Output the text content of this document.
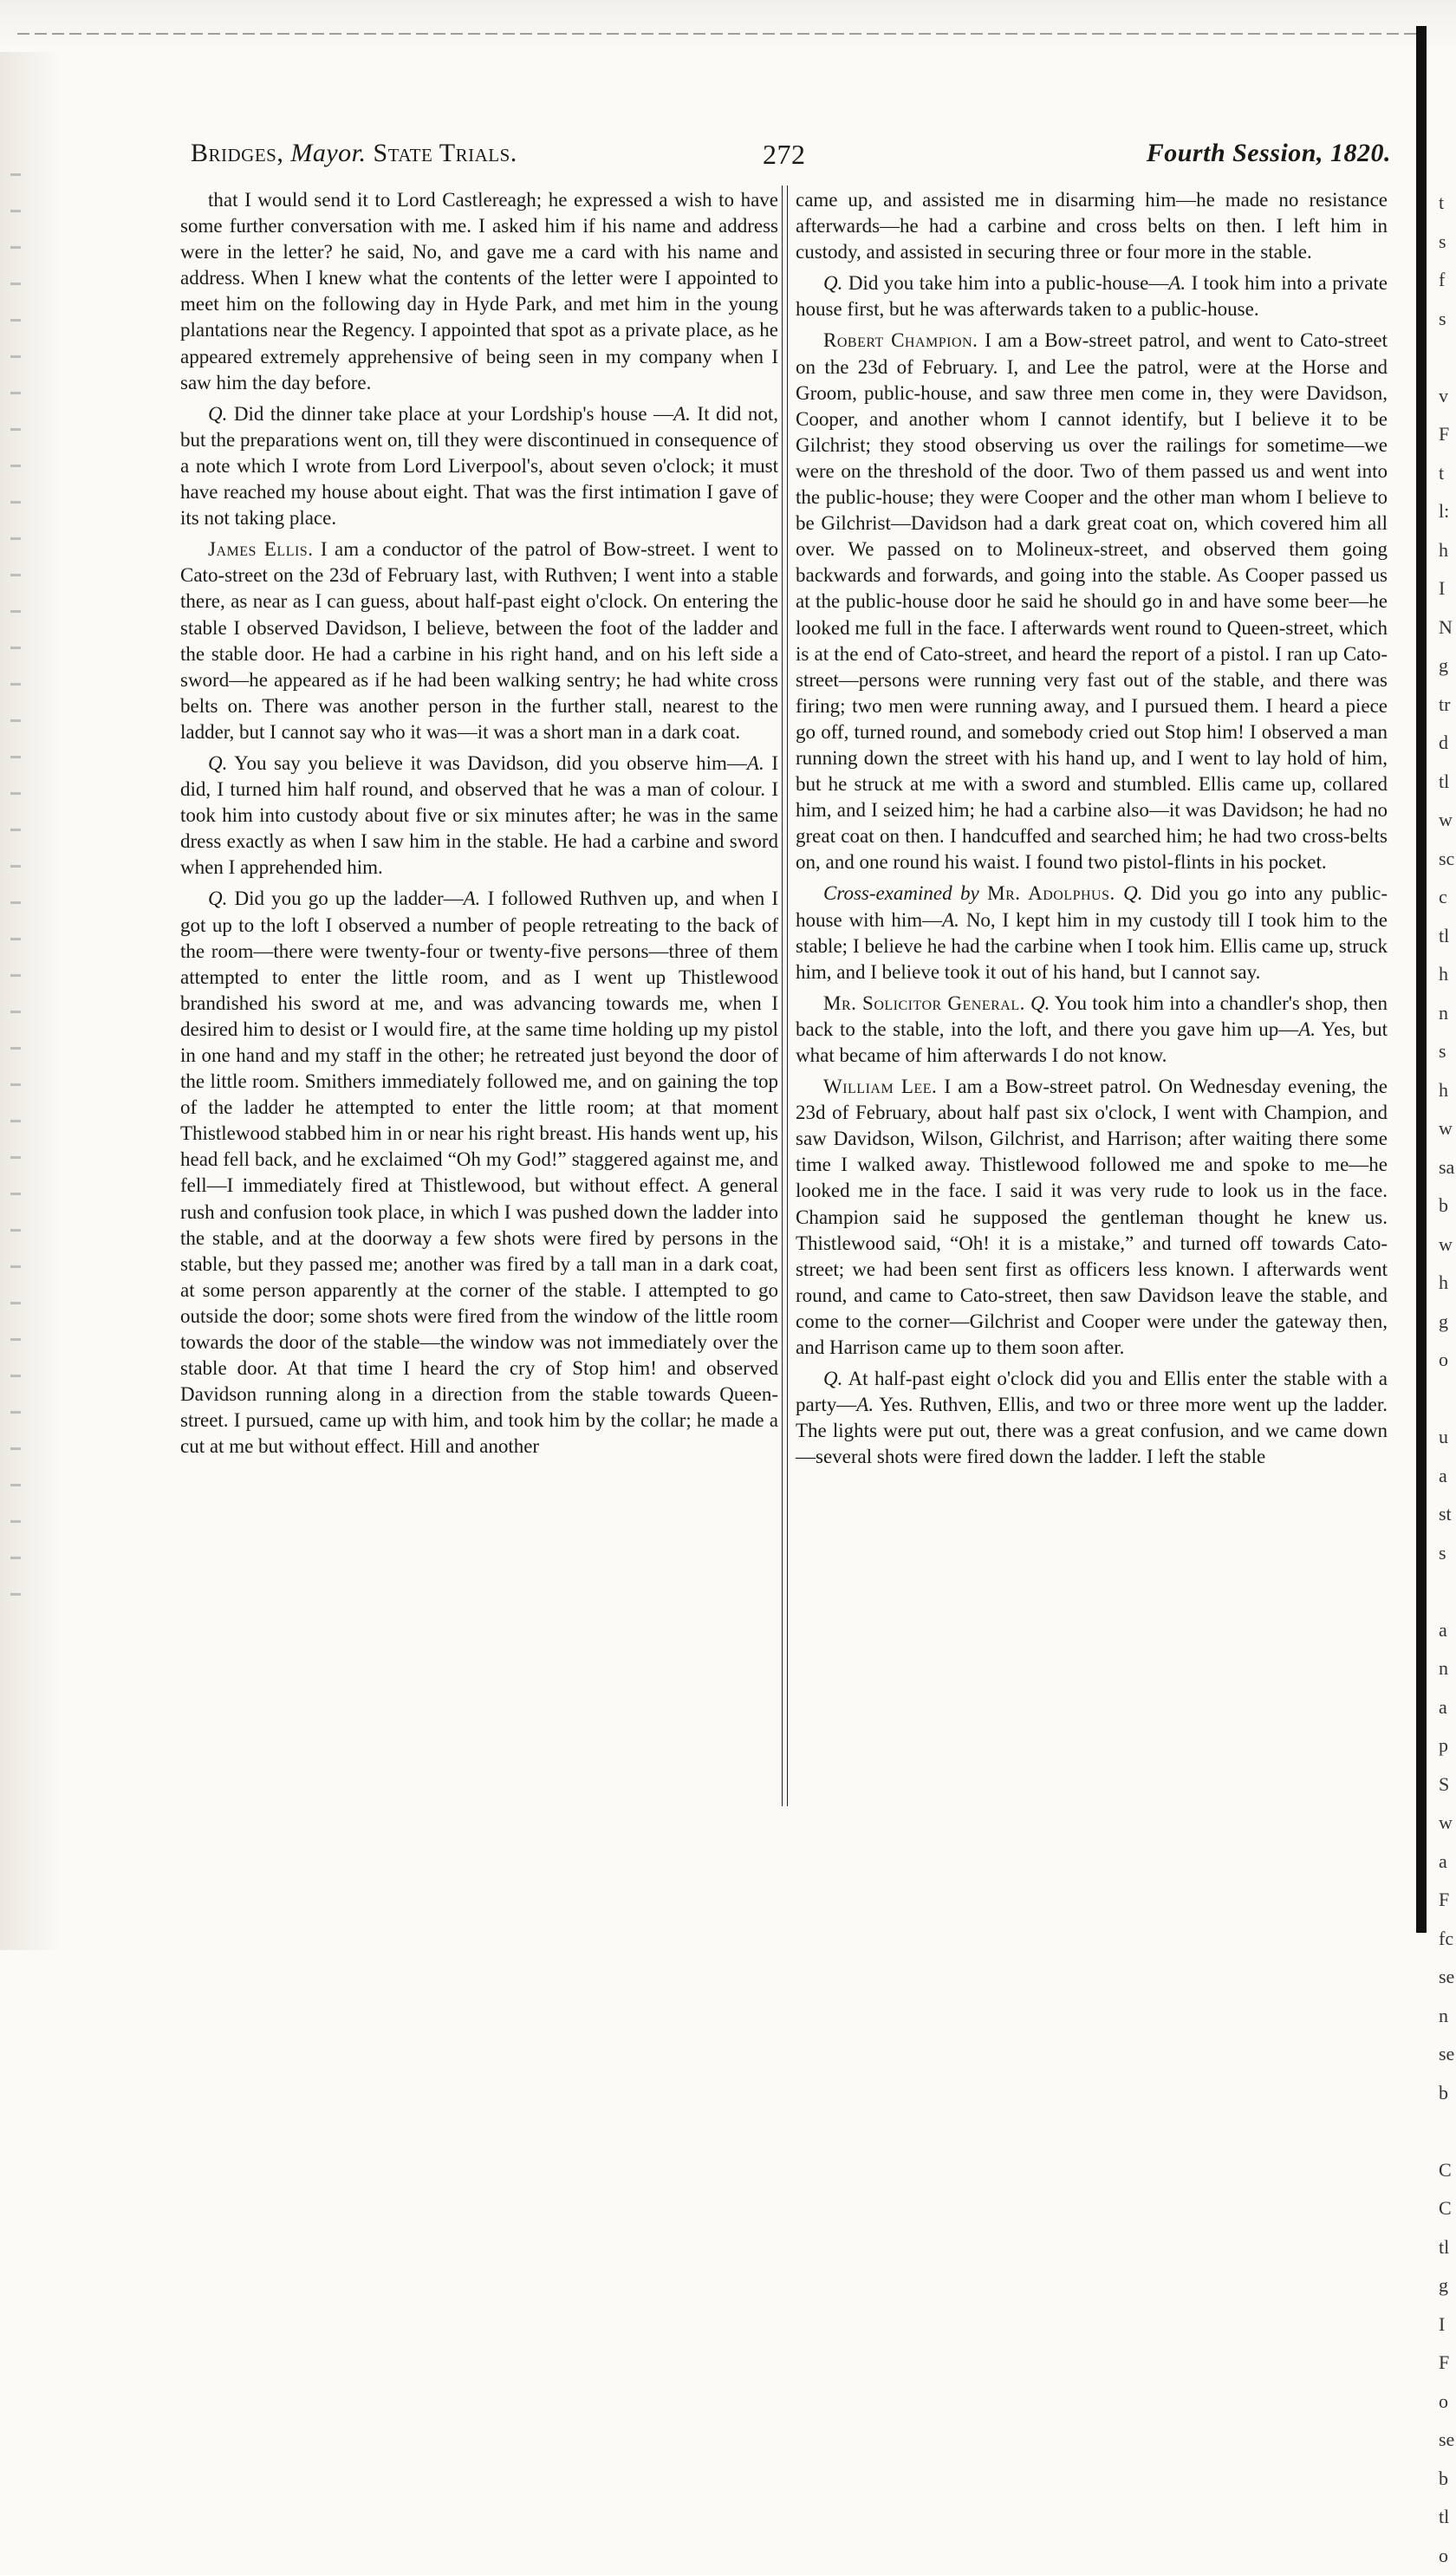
Bridges, Mayor. State Trials.	272	Fourth Session, 1820.

that I would send it to Lord Castlereagh; he expressed a wish to have some further conversation with me. I asked him if his name and address were in the letter? he said, No, and gave me a card with his name and address. When I knew what the contents of the letter were I appointed to meet him on the following day in Hyde Park, and met him in the young plantations near the Regency. I appointed that spot as a private place, as he appeared extremely apprehensive of being seen in my company when I saw him the day before.

Q. Did the dinner take place at your Lordship's house —A. It did not, but the preparations went on, till they were discontinued in consequence of a note which I wrote from Lord Liverpool's, about seven o'clock; it must have reached my house about eight. That was the first intimation I gave of its not taking place.

James Ellis. I am a conductor of the patrol of Bow-street. I went to Cato-street on the 23d of February last, with Ruthven; I went into a stable there, as near as I can guess, about half-past eight o'clock. On entering the stable I observed Davidson, I believe, between the foot of the ladder and the stable door. He had a carbine in his right hand, and on his left side a sword—he appeared as if he had been walking sentry; he had white cross belts on. There was another person in the further stall, nearest to the ladder, but I cannot say who it was—it was a short man in a dark coat.

Q. You say you believe it was Davidson, did you observe him—A. I did, I turned him half round, and observed that he was a man of colour. I took him into custody about five or six minutes after; he was in the same dress exactly as when I saw him in the stable. He had a carbine and sword when I apprehended him.

Q. Did you go up the ladder—A. I followed Ruthven up, and when I got up to the loft I observed a number of people retreating to the back of the room—there were twenty-four or twenty-five persons—three of them attempted to enter the little room, and as I went up Thistlewood brandished his sword at me, and was advancing towards me, when I desired him to desist or I would fire, at the same time holding up my pistol in one hand and my staff in the other; he retreated just beyond the door of the little room. Smithers immediately followed me, and on gaining the top of the ladder he attempted to enter the little room; at that moment Thistlewood stabbed him in or near his right breast. His hands went up, his head fell back, and he exclaimed “Oh my God!” staggered against me, and fell—I immediately fired at Thistlewood, but without effect. A general rush and confusion took place, in which I was pushed down the ladder into the stable, and at the doorway a few shots were fired by persons in the stable, but they passed me; another was fired by a tall man in a dark coat, at some person apparently at the corner of the stable. I attempted to go outside the door; some shots were fired from the window of the little room towards the door of the stable—the window was not immediately over the stable door. At that time I heard the cry of Stop him! and observed Davidson running along in a direction from the stable towards Queen-street. I pursued, came up with him, and took him by the collar; he made a cut at me but without effect. Hill and another

came up, and assisted me in disarming him—he made no resistance afterwards—he had a carbine and cross belts on then. I left him in custody, and assisted in securing three or four more in the stable.

Q. Did you take him into a public-house—A. I took him into a private house first, but he was afterwards taken to a public-house.

Robert Champion. I am a Bow-street patrol, and went to Cato-street on the 23d of February. I, and Lee the patrol, were at the Horse and Groom, public-house, and saw three men come in, they were Davidson, Cooper, and another whom I cannot identify, but I believe it to be Gilchrist; they stood observing us over the railings for sometime—we were on the threshold of the door. Two of them passed us and went into the public-house; they were Cooper and the other man whom I believe to be Gilchrist—Davidson had a dark great coat on, which covered him all over. We passed on to Molineux-street, and observed them going backwards and forwards, and going into the stable. As Cooper passed us at the public-house door he said he should go in and have some beer—he looked me full in the face. I afterwards went round to Queen-street, which is at the end of Cato-street, and heard the report of a pistol. I ran up Cato-street—persons were running very fast out of the stable, and there was firing; two men were running away, and I pursued them. I heard a piece go off, turned round, and somebody cried out Stop him! I observed a man running down the street with his hand up, and I went to lay hold of him, but he struck at me with a sword and stumbled. Ellis came up, collared him, and I seized him; he had a carbine also—it was Davidson; he had no great coat on then. I handcuffed and searched him; he had two cross-belts on, and one round his waist. I found two pistol-flints in his pocket.

Cross-examined by Mr. Adolphus. Q. Did you go into any public-house with him—A. No, I kept him in my custody till I took him to the stable; I believe he had the carbine when I took him. Ellis came up, struck him, and I believe took it out of his hand, but I cannot say.

Mr. Solicitor General. Q. You took him into a chandler's shop, then back to the stable, into the loft, and there you gave him up—A. Yes, but what became of him afterwards I do not know.

William Lee. I am a Bow-street patrol. On Wednesday evening, the 23d of February, about half past six o'clock, I went with Champion, and saw Davidson, Wilson, Gilchrist, and Harrison; after waiting there some time I walked away. Thistlewood followed me and spoke to me—he looked me in the face. I said it was very rude to look us in the face. Champion said he supposed the gentleman thought he knew us. Thistlewood said, “Oh! it is a mistake,” and turned off towards Cato-street; we had been sent first as officers less known. I afterwards went round, and came to Cato-street, then saw Davidson leave the stable, and come to the corner—Gilchrist and Cooper were under the gateway then, and Harrison came up to them soon after.

Q. At half-past eight o'clock did you and Ellis enter the stable with a party—A. Yes. Ruthven, Ellis, and two or three more went up the ladder. The lights were put out, there was a great confusion, and we came down—several shots were fired down the ladder. I left the stable

t
s
f
s
v
F
t
l:
h
I
N
g
tr
d
tl
w
sc
c
tl
h
n
s
h
w
sa
b
w
h
g
o
u
a
st
s
a
n
a
p
S
w
a
F
fc
se
n
se
b
C
C
tl
g
I
F
o
se
b
tl
o
